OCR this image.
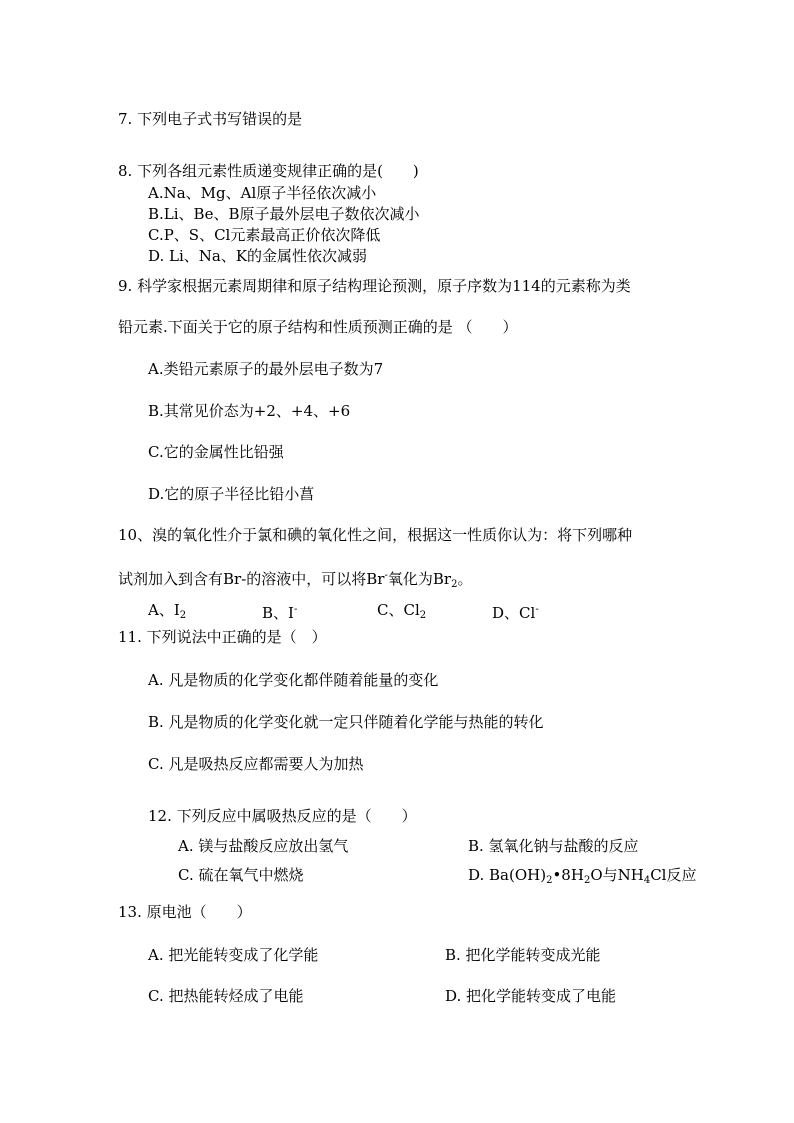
7. 下列电子式书写错误的是
8. 下列各组元素性质递变规律正确的是(　　)
A.Na、Mg、Al原子半径依次减小
B.Li、Be、B原子最外层电子数依次减小
C.P、S、Cl元素最高正价依次降低
D. Li、Na、K的金属性依次减弱
9. 科学家根据元素周期律和原子结构理论预测，原子序数为114的元素称为类
铅元素.下面关于它的原子结构和性质预测正确的是 （　　）
A.类铅元素原子的最外层电子数为7
B.其常见价态为+2、+4、+6
C.它的金属性比铅强
D.它的原子半径比铅小菖
10、溴的氧化性介于氯和碘的氧化性之间，根据这一性质你认为：将下列哪种
试剂加入到含有Br-的溶液中，可以将Br-氧化为$Br_2$。
A、$I_2$	B、I-	C、$Cl_2$	D、Cl-
11. 下列说法中正确的是（　）
A. 凡是物质的化学变化都伴随着能量的变化
B. 凡是物质的化学变化就一定只伴随着化学能与热能的转化
C. 凡是吸热反应都需要人为加热
12. 下列反应中属吸热反应的是（　　）
A. 镁与盐酸反应放出氢气	B. 氢氧化钠与盐酸的反应
C. 硫在氧气中燃烧	D. $Ba(OH)_2•8H_2O$与$NH_4Cl$反应
13. 原电池（　　）
A. 把光能转变成了化学能	B. 把化学能转变成光能
C. 把热能转烃成了电能	D. 把化学能转变成了电能
